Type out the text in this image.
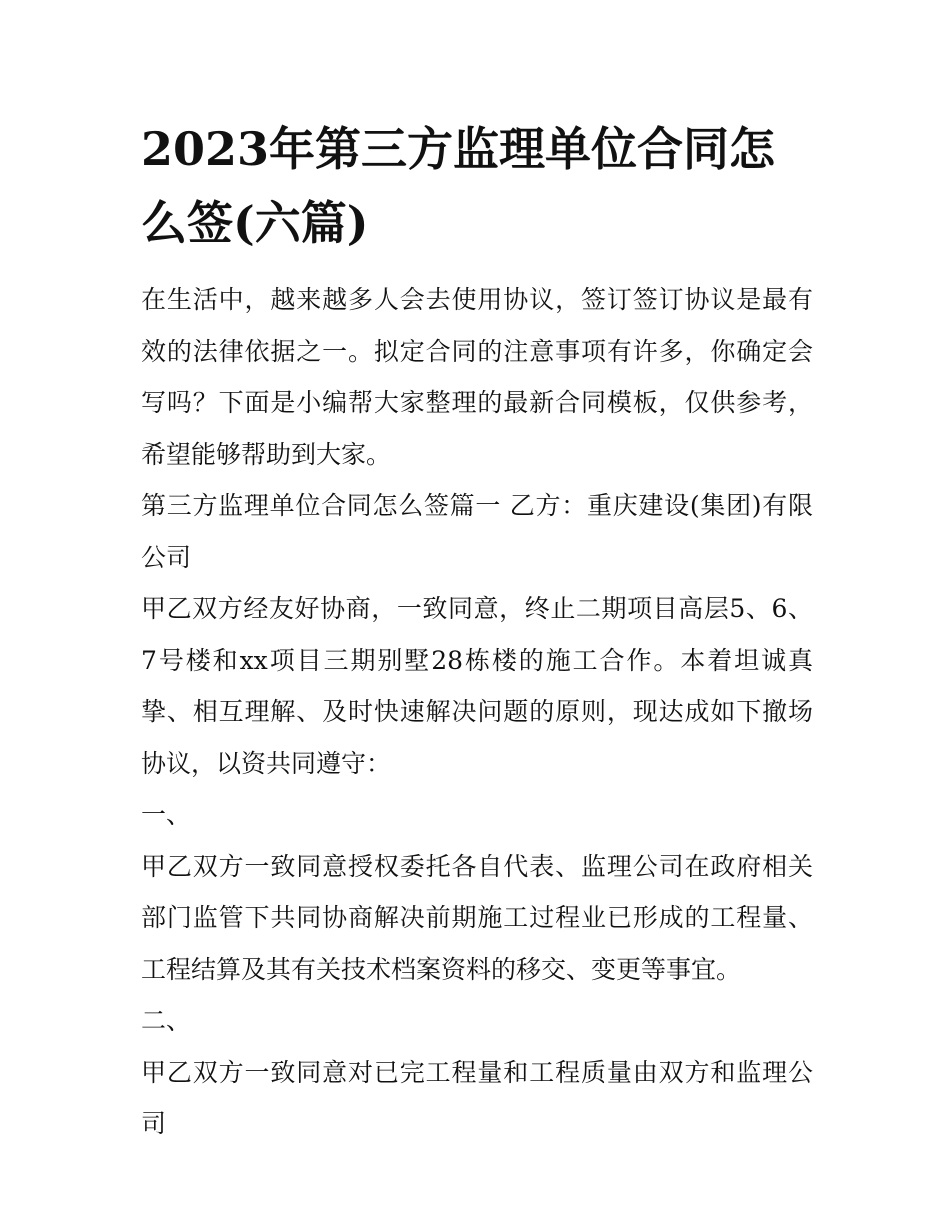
2023年第三方监理单位合同怎么签(六篇)

在生活中，越来越多人会去使用协议，签订签订协议是最有效的法律依据之一。拟定合同的注意事项有许多，你确定会写吗？下面是小编帮大家整理的最新合同模板，仅供参考，希望能够帮助到大家。

第三方监理单位合同怎么签篇一 乙方：重庆建设(集团)有限公司

甲乙双方经友好协商，一致同意，终止二期项目高层5、6、7号楼和xx项目三期别墅28栋楼的施工合作。本着坦诚真挚、相互理解、及时快速解决问题的原则，现达成如下撤场协议，以资共同遵守：

一、

甲乙双方一致同意授权委托各自代表、监理公司在政府相关部门监管下共同协商解决前期施工过程业已形成的工程量、工程结算及其有关技术档案资料的移交、变更等事宜。

二、

甲乙双方一致同意对已完工程量和工程质量由双方和监理公司
